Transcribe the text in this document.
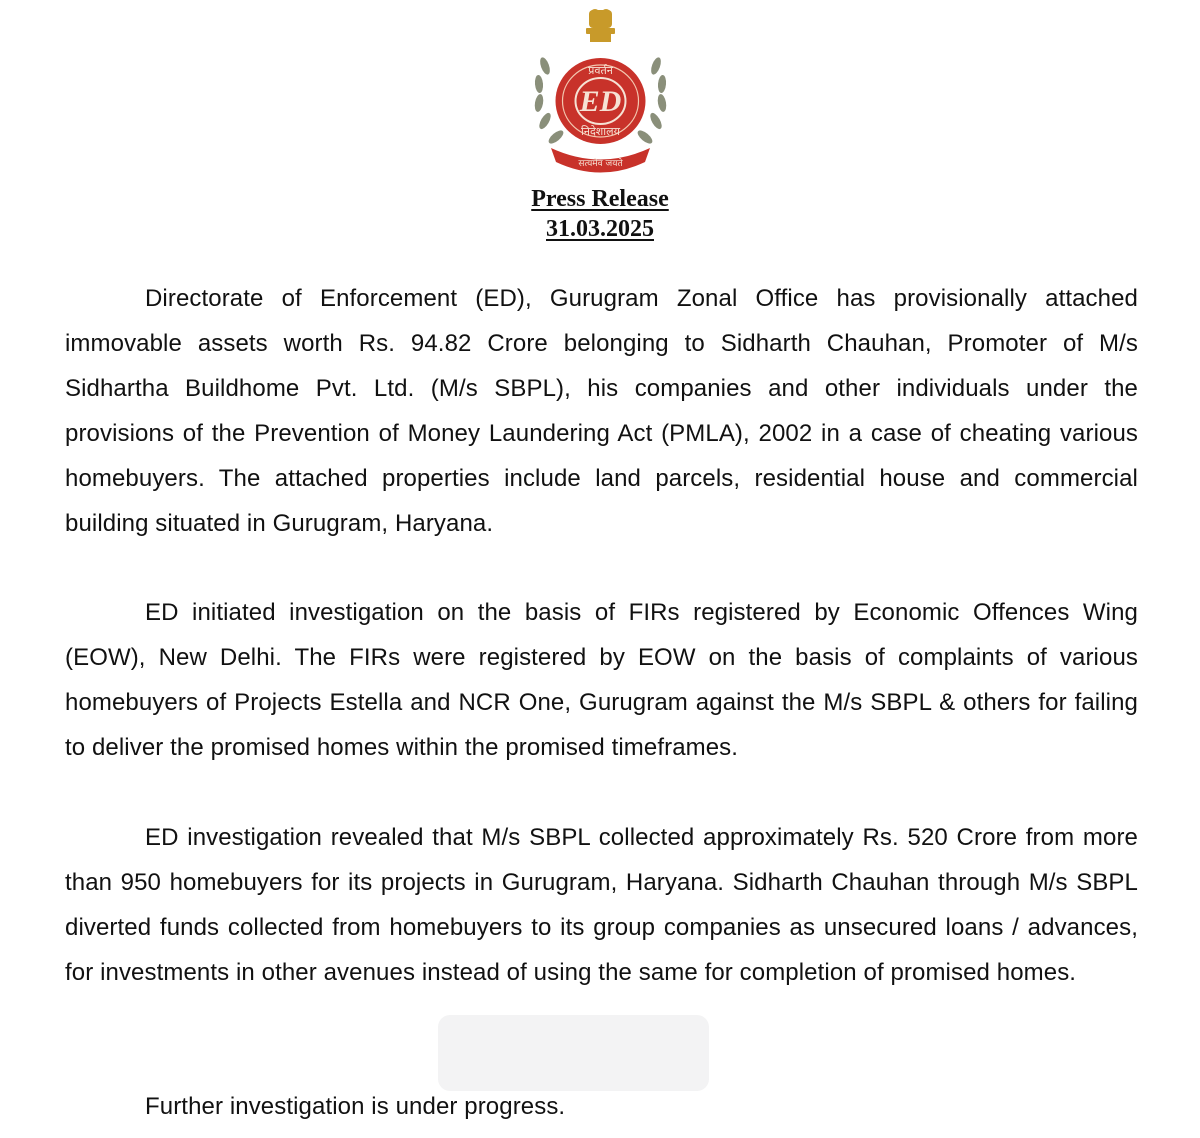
ED
प्रवर्तन
निदेशालय
सत्यमेव जयते
Press Release
31.03.2025

Directorate of Enforcement (ED), Gurugram Zonal Office has provisionally attached immovable assets worth Rs. 94.82 Crore belonging to Sidharth Chauhan, Promoter of M/s Sidhartha Buildhome Pvt. Ltd. (M/s SBPL), his companies and other individuals under the provisions of the Prevention of Money Laundering Act (PMLA), 2002 in a case of cheating various homebuyers. The attached properties include land parcels, residential house and commercial building situated in Gurugram, Haryana.

ED initiated investigation on the basis of FIRs registered by Economic Offences Wing (EOW), New Delhi. The FIRs were registered by EOW on the basis of complaints of various homebuyers of Projects Estella and NCR One, Gurugram against the M/s SBPL & others for failing to deliver the promised homes within the promised timeframes.

ED investigation revealed that M/s SBPL collected approximately Rs. 520 Crore from more than 950 homebuyers for its projects in Gurugram, Haryana. Sidharth Chauhan through M/s SBPL diverted funds collected from homebuyers to its group companies as unsecured loans / advances, for investments in other avenues instead of using the same for completion of promised homes.

Further investigation is under progress.
